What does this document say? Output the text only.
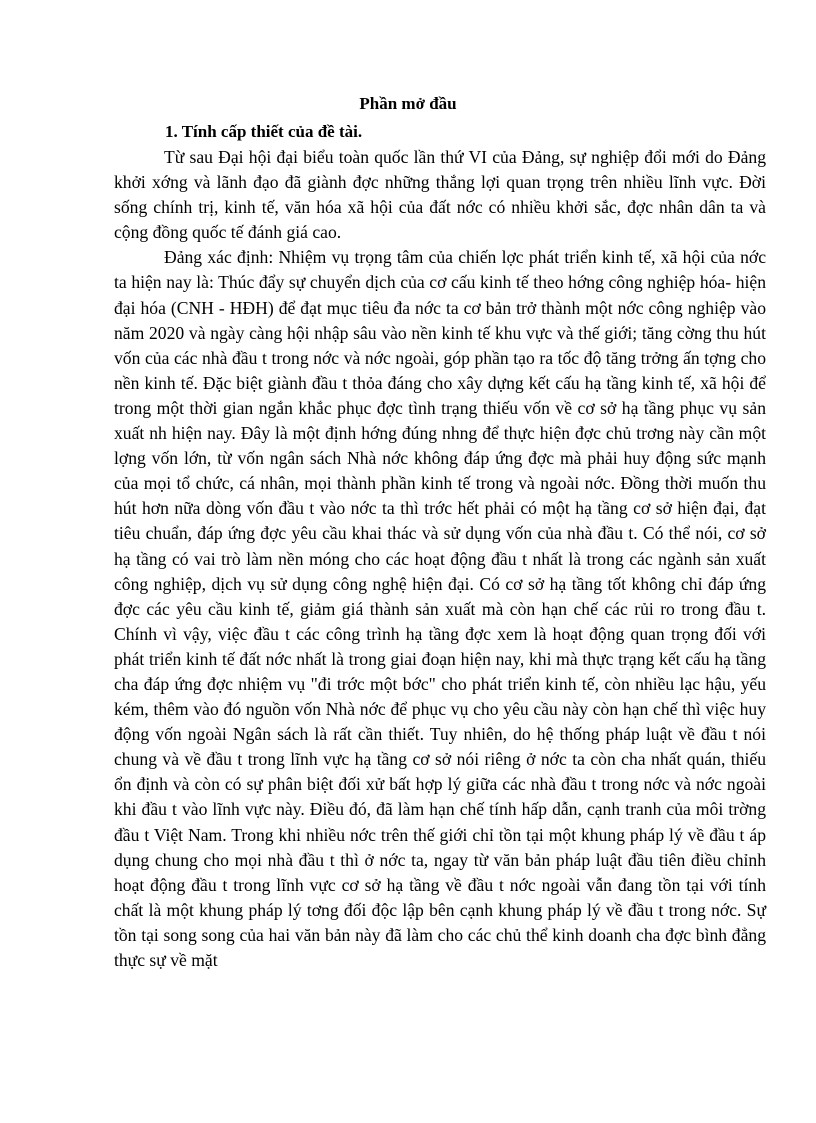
Phần mở đầu
1. Tính cấp thiết của đề tài.

Từ sau Đại hội đại biểu toàn quốc lần thứ VI của Đảng, sự nghiệp đổi mới do Đảng khởi xớng và lãnh đạo đã giành đợc những thắng lợi quan trọng trên nhiều lĩnh vực. Đời sống chính trị, kinh tế, văn hóa xã hội của đất nớc có nhiều khởi sắc, đợc nhân dân ta và cộng đồng quốc tế đánh giá cao.

Đảng xác định: Nhiệm vụ trọng tâm của chiến lợc phát triển kinh tế, xã hội của nớc ta hiện nay là: Thúc đẩy sự chuyển dịch của cơ cấu kinh tế theo hớng công nghiệp hóa- hiện đại hóa (CNH - HĐH) để đạt mục tiêu đa nớc ta cơ bản trở thành một nớc công nghiệp vào năm 2020 và ngày càng hội nhập sâu vào nền kinh tế khu vực và thế giới; tăng cờng thu hút vốn của các nhà đầu t trong nớc và nớc ngoài, góp phần tạo ra tốc độ tăng trởng ấn tợng cho nền kinh tế. Đặc biệt giành đầu t thỏa đáng cho xây dựng kết cấu hạ tầng kinh tế, xã hội để trong một thời gian ngắn khắc phục đợc tình trạng thiếu vốn về cơ sở hạ tầng phục vụ sản xuất nh hiện nay. Đây là một định hớng đúng nhng để thực hiện đợc chủ trơng này cần một lợng vốn lớn, từ vốn ngân sách Nhà nớc không đáp ứng đợc mà phải huy động sức mạnh của mọi tổ chức, cá nhân, mọi thành phần kinh tế trong và ngoài nớc. Đồng thời muốn thu hút hơn nữa dòng vốn đầu t vào nớc ta thì trớc hết phải có một hạ tầng cơ sở hiện đại, đạt tiêu chuẩn, đáp ứng đợc yêu cầu khai thác và sử dụng vốn của nhà đầu t. Có thể nói, cơ sở hạ tầng có vai trò làm nền móng cho các hoạt động đầu t nhất là trong các ngành sản xuất công nghiệp, dịch vụ sử dụng công nghệ hiện đại. Có cơ sở hạ tầng tốt không chỉ đáp ứng đợc các yêu cầu kinh tế, giảm giá thành sản xuất mà còn hạn chế các rủi ro trong đầu t. Chính vì vậy, việc đầu t các công trình hạ tầng đợc xem là hoạt động quan trọng đối với phát triển kinh tế đất nớc nhất là trong giai đoạn hiện nay, khi mà thực trạng kết cấu hạ tầng cha đáp ứng đợc nhiệm vụ "đi trớc một bớc" cho phát triển kinh tế, còn nhiều lạc hậu, yếu kém, thêm vào đó nguồn vốn Nhà nớc để phục vụ cho yêu cầu này còn hạn chế thì việc huy động vốn ngoài Ngân sách là rất cần thiết. Tuy nhiên, do hệ thống pháp luật về đầu t nói chung và về đầu t trong lĩnh vực hạ tầng cơ sở nói riêng ở nớc ta còn cha nhất quán, thiếu ổn định và còn có sự phân biệt đối xử bất hợp lý giữa các nhà đầu t trong nớc và nớc ngoài khi đầu t vào lĩnh vực này. Điều đó, đã làm hạn chế tính hấp dẫn, cạnh tranh của môi trờng đầu t Việt Nam. Trong khi nhiều nớc trên thế giới chỉ tồn tại một khung pháp lý về đầu t áp dụng chung cho mọi nhà đầu t thì ở nớc ta, ngay từ văn bản pháp luật đầu tiên điều chỉnh hoạt động đầu t trong lĩnh vực cơ sở hạ tầng về đầu t nớc ngoài vẫn đang tồn tại với tính chất là một khung pháp lý tơng đối độc lập bên cạnh khung pháp lý về đầu t trong nớc. Sự tồn tại song song của hai văn bản này đã làm cho các chủ thể kinh doanh cha đợc bình đẳng thực sự về mặt
